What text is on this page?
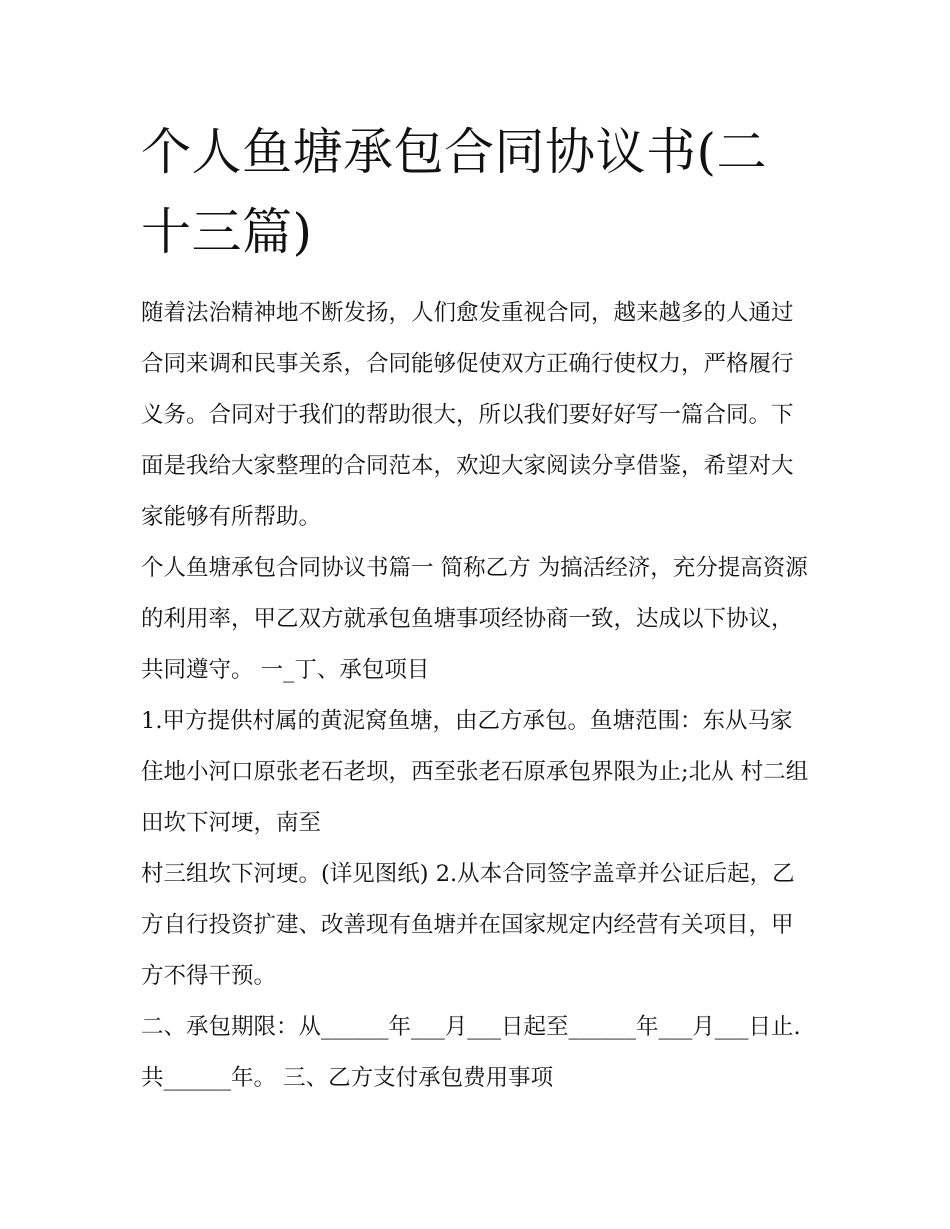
个人鱼塘承包合同协议书(二十三篇)

随着法治精神地不断发扬，人们愈发重视合同，越来越多的人通过合同来调和民事关系，合同能够促使双方正确行使权力，严格履行义务。合同对于我们的帮助很大，所以我们要好好写一篇合同。下面是我给大家整理的合同范本，欢迎大家阅读分享借鉴，希望对大家能够有所帮助。

个人鱼塘承包合同协议书篇一 简称乙方 为搞活经济，充分提高资源的利用率，甲乙双方就承包鱼塘事项经协商一致，达成以下协议，共同遵守。 一_丁、承包项目

1.甲方提供村属的黄泥窝鱼塘，由乙方承包。鱼塘范围：东从马家住地小河口原张老石老坝，西至张老石原承包界限为止;北从 村二组田坎下河埂，南至

村三组坎下河埂。(详见图纸) 2.从本合同签字盖章并公证后起，乙方自行投资扩建、改善现有鱼塘并在国家规定内经营有关项目，甲方不得干预。

二、承包期限：从______年___月___日起至______年___月___日止.共______年。 三、乙方支付承包费用事项
